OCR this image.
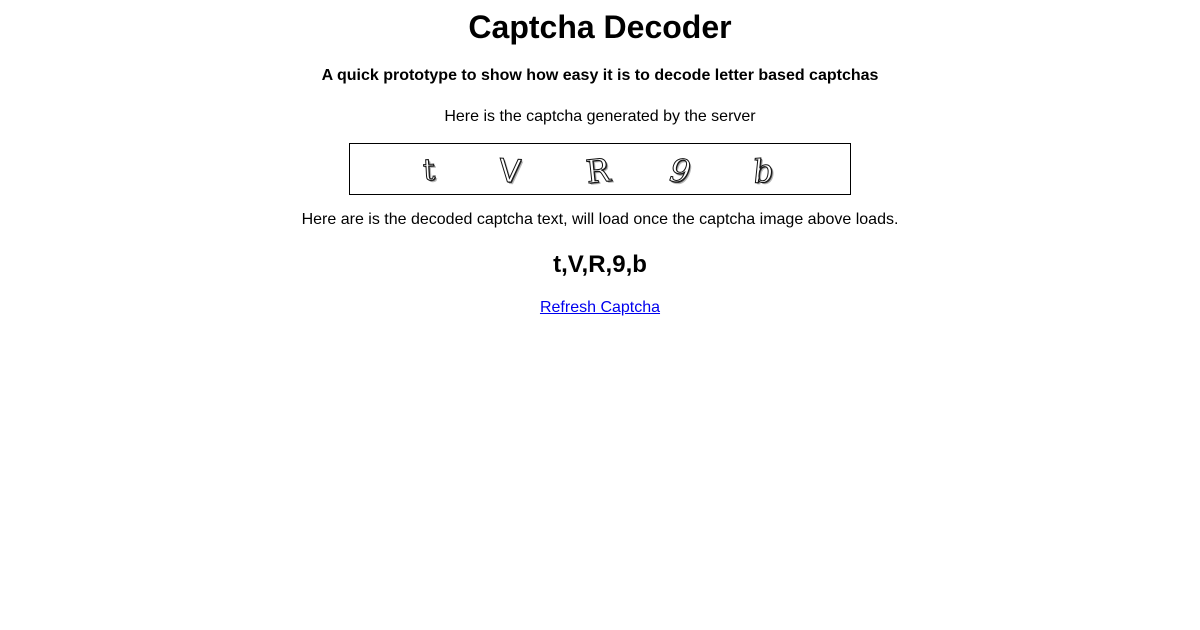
Captcha Decoder
A quick prototype to show how easy it is to decode letter based captchas

Here is the captcha generated by the server

t V R 9 b

Here are is the decoded captcha text, will load once the captcha image above loads.

t,V,R,9,b
Refresh Captcha
